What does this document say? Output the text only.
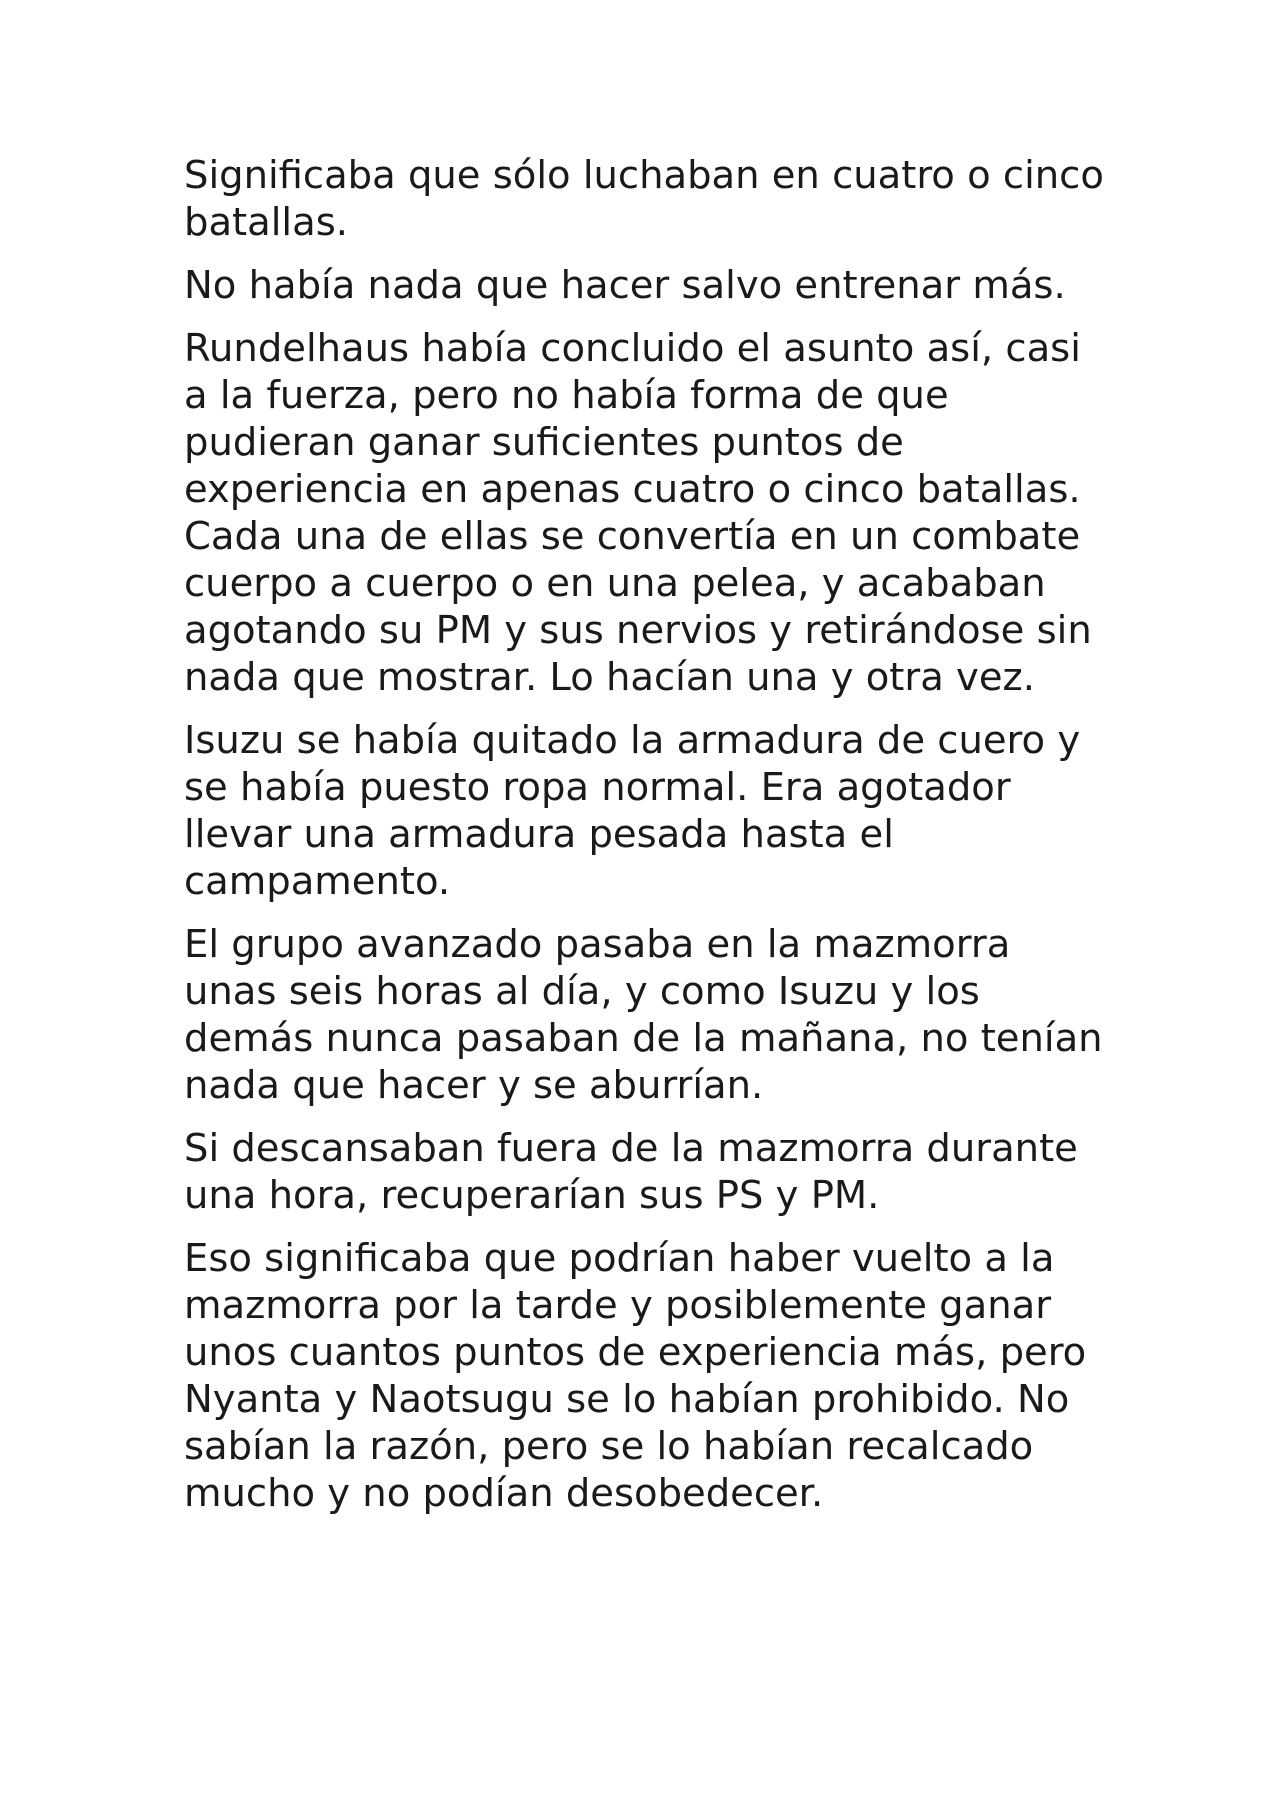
Significaba que sólo luchaban en cuatro o cinco batallas.

No había nada que hacer salvo entrenar más.

Rundelhaus había concluido el asunto así, casi a la fuerza, pero no había forma de que pudieran ganar suficientes puntos de experiencia en apenas cuatro o cinco batallas. Cada una de ellas se convertía en un combate cuerpo a cuerpo o en una pelea, y acababan agotando su PM y sus nervios y retirándose sin nada que mostrar. Lo hacían una y otra vez.

Isuzu se había quitado la armadura de cuero y se había puesto ropa normal. Era agotador llevar una armadura pesada hasta el campamento.

El grupo avanzado pasaba en la mazmorra unas seis horas al día, y como Isuzu y los demás nunca pasaban de la mañana, no tenían nada que hacer y se aburrían.

Si descansaban fuera de la mazmorra durante una hora, recuperarían sus PS y PM.

Eso significaba que podrían haber vuelto a la mazmorra por la tarde y posiblemente ganar unos cuantos puntos de experiencia más, pero Nyanta y Naotsugu se lo habían prohibido. No sabían la razón, pero se lo habían recalcado mucho y no podían desobedecer.
